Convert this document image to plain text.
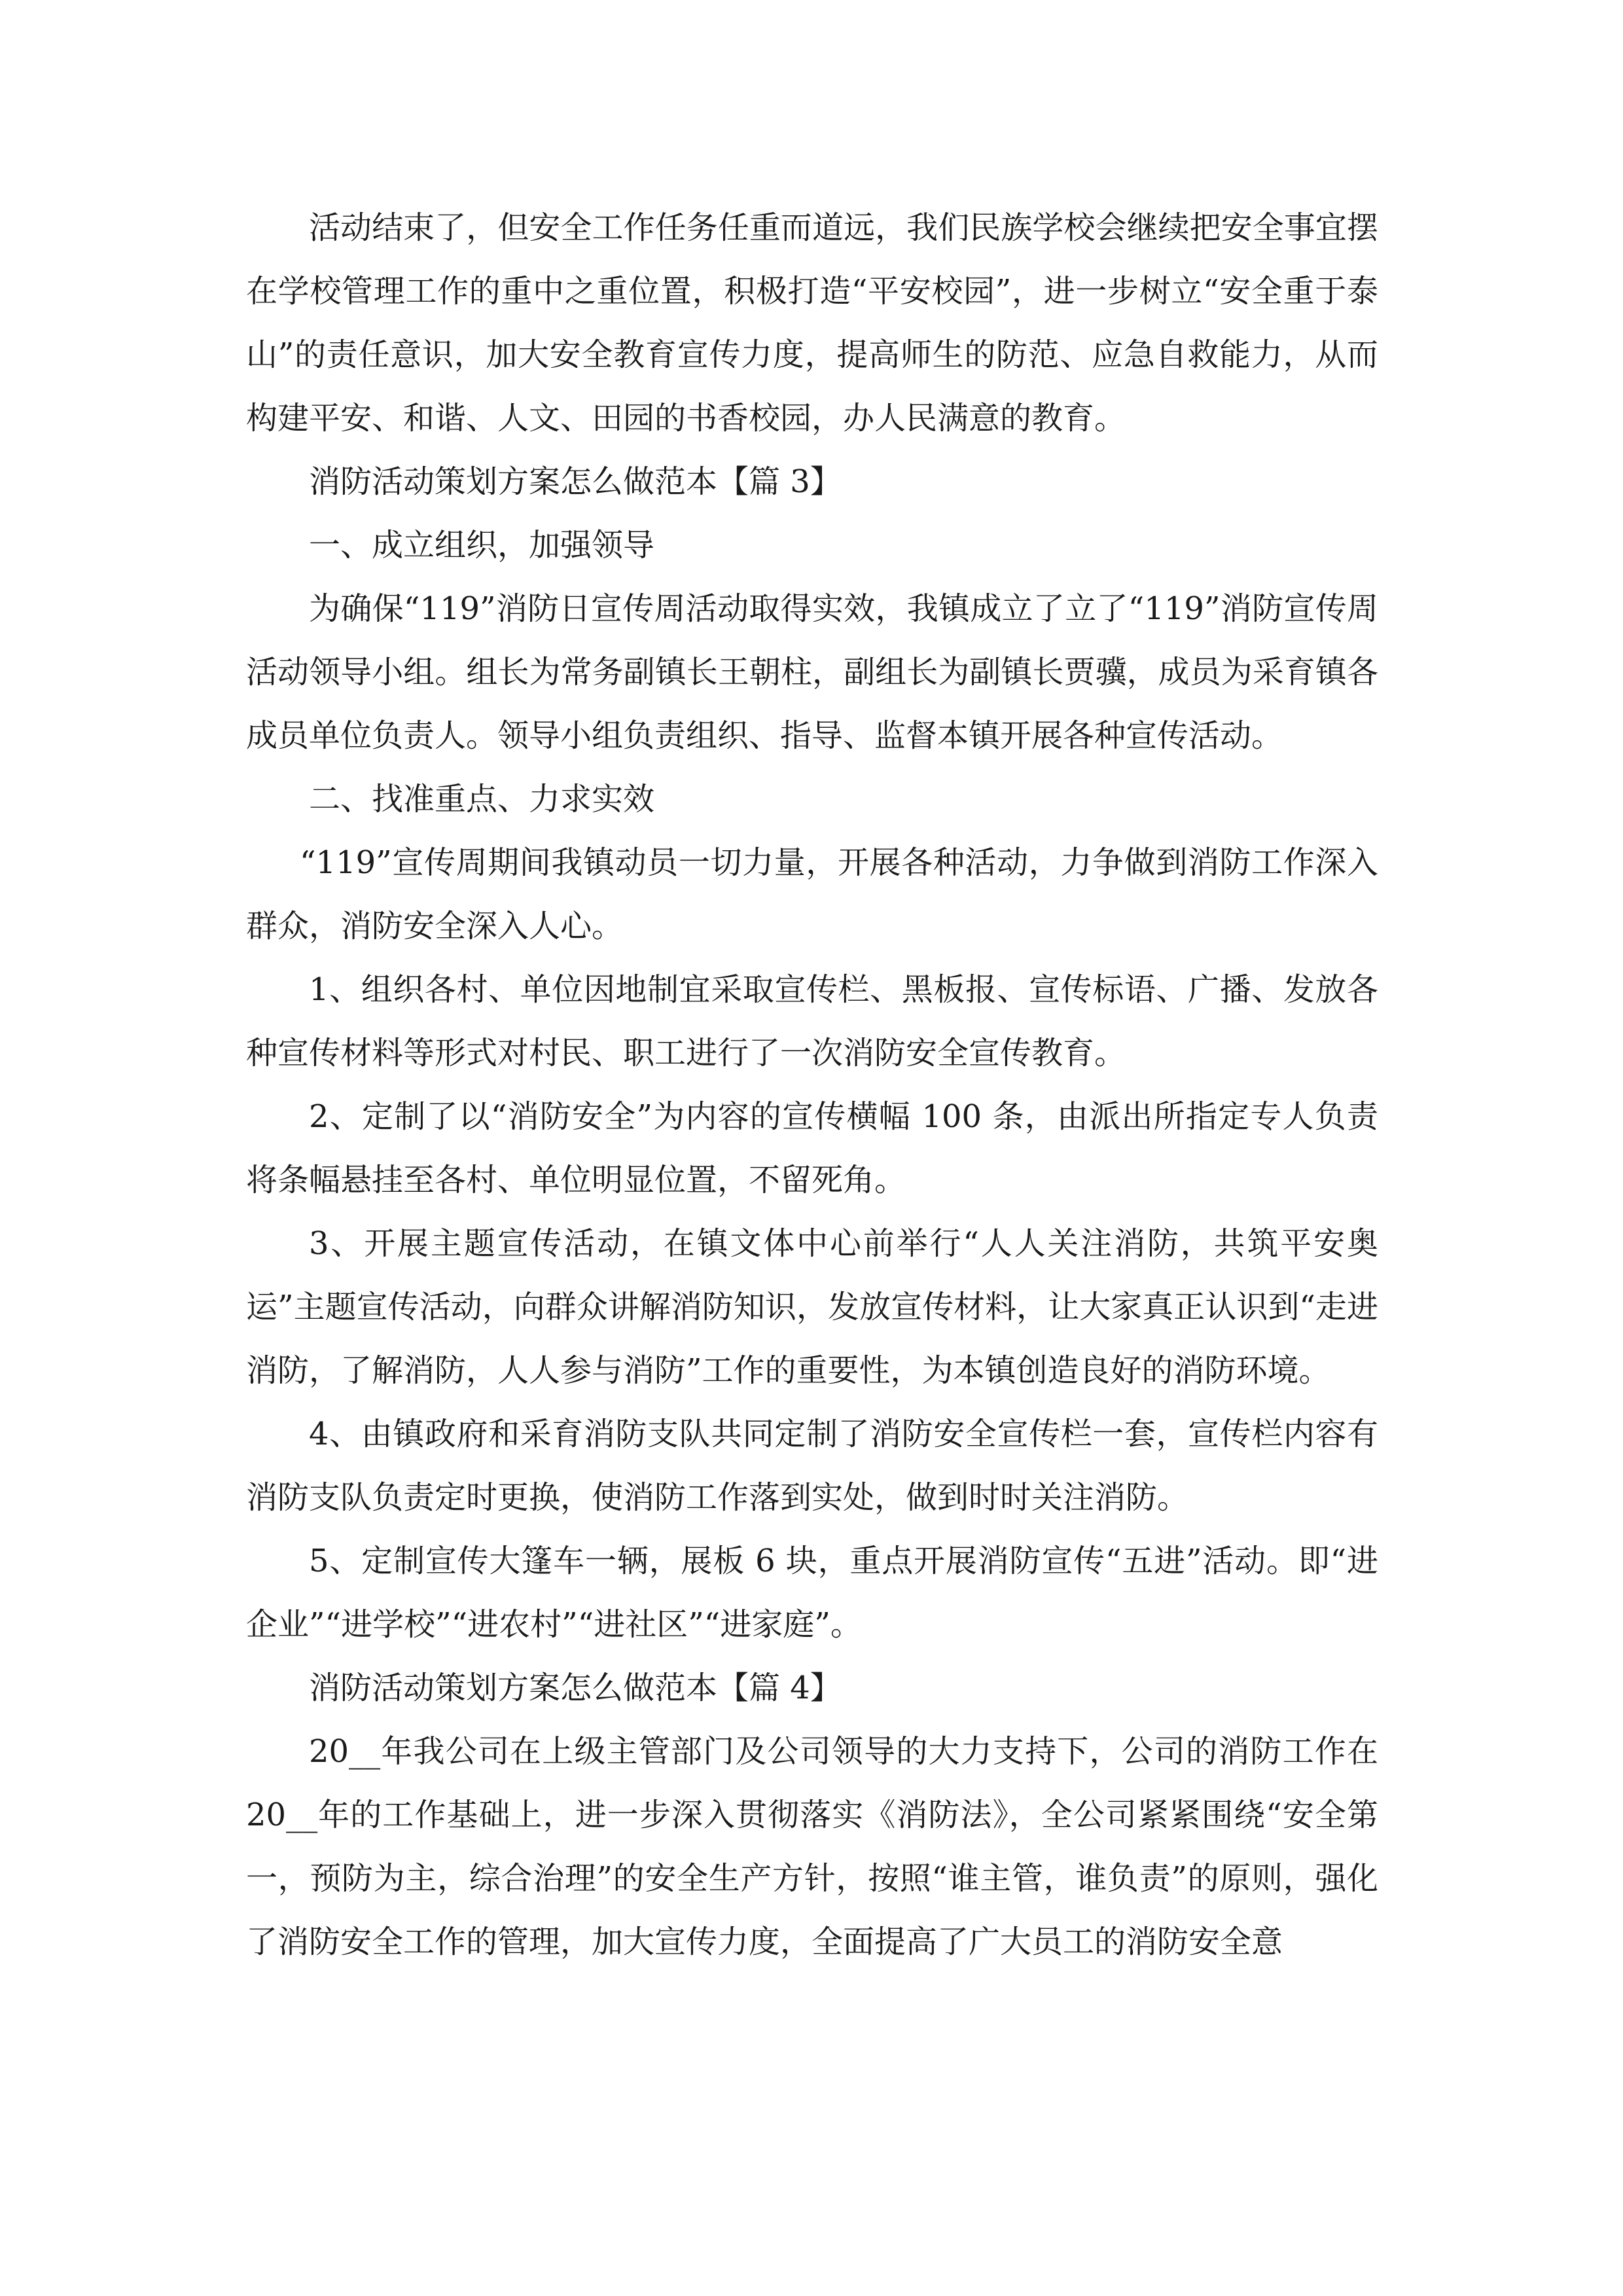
活动结束了，但安全工作任务任重而道远，我们民族学校会继续把安全事宜摆在学校管理工作的重中之重位置，积极打造“平安校园”，进一步树立“安全重于泰山”的责任意识，加大安全教育宣传力度，提高师生的防范、应急自救能力，从而构建平安、和谐、人文、田园的书香校园，办人民满意的教育。

消防活动策划方案怎么做范本【篇 3】

一、成立组织，加强领导

为确保“119”消防日宣传周活动取得实效，我镇成立了立了“119”消防宣传周活动领导小组。组长为常务副镇长王朝柱，副组长为副镇长贾骥，成员为采育镇各成员单位负责人。领导小组负责组织、指导、监督本镇开展各种宣传活动。

二、找准重点、力求实效

“119”宣传周期间我镇动员一切力量，开展各种活动，力争做到消防工作深入群众，消防安全深入人心。

1、组织各村、单位因地制宜采取宣传栏、黑板报、宣传标语、广播、发放各种宣传材料等形式对村民、职工进行了一次消防安全宣传教育。

2、定制了以“消防安全”为内容的宣传横幅 100 条，由派出所指定专人负责将条幅悬挂至各村、单位明显位置，不留死角。

3、开展主题宣传活动，在镇文体中心前举行“人人关注消防，共筑平安奥运”主题宣传活动，向群众讲解消防知识，发放宣传材料，让大家真正认识到“走进消防，了解消防，人人参与消防”工作的重要性，为本镇创造良好的消防环境。

4、由镇政府和采育消防支队共同定制了消防安全宣传栏一套，宣传栏内容有消防支队负责定时更换，使消防工作落到实处，做到时时关注消防。

5、定制宣传大篷车一辆，展板 6 块，重点开展消防宣传“五进”活动。即“进企业”“进学校”“进农村”“进社区”“进家庭”。

消防活动策划方案怎么做范本【篇 4】

20__年我公司在上级主管部门及公司领导的大力支持下，公司的消防工作在 20__年的工作基础上，进一步深入贯彻落实《消防法》，全公司紧紧围绕“安全第一，预防为主，综合治理”的安全生产方针，按照“谁主管，谁负责”的原则，强化了消防安全工作的管理，加大宣传力度，全面提高了广大员工的消防安全意
